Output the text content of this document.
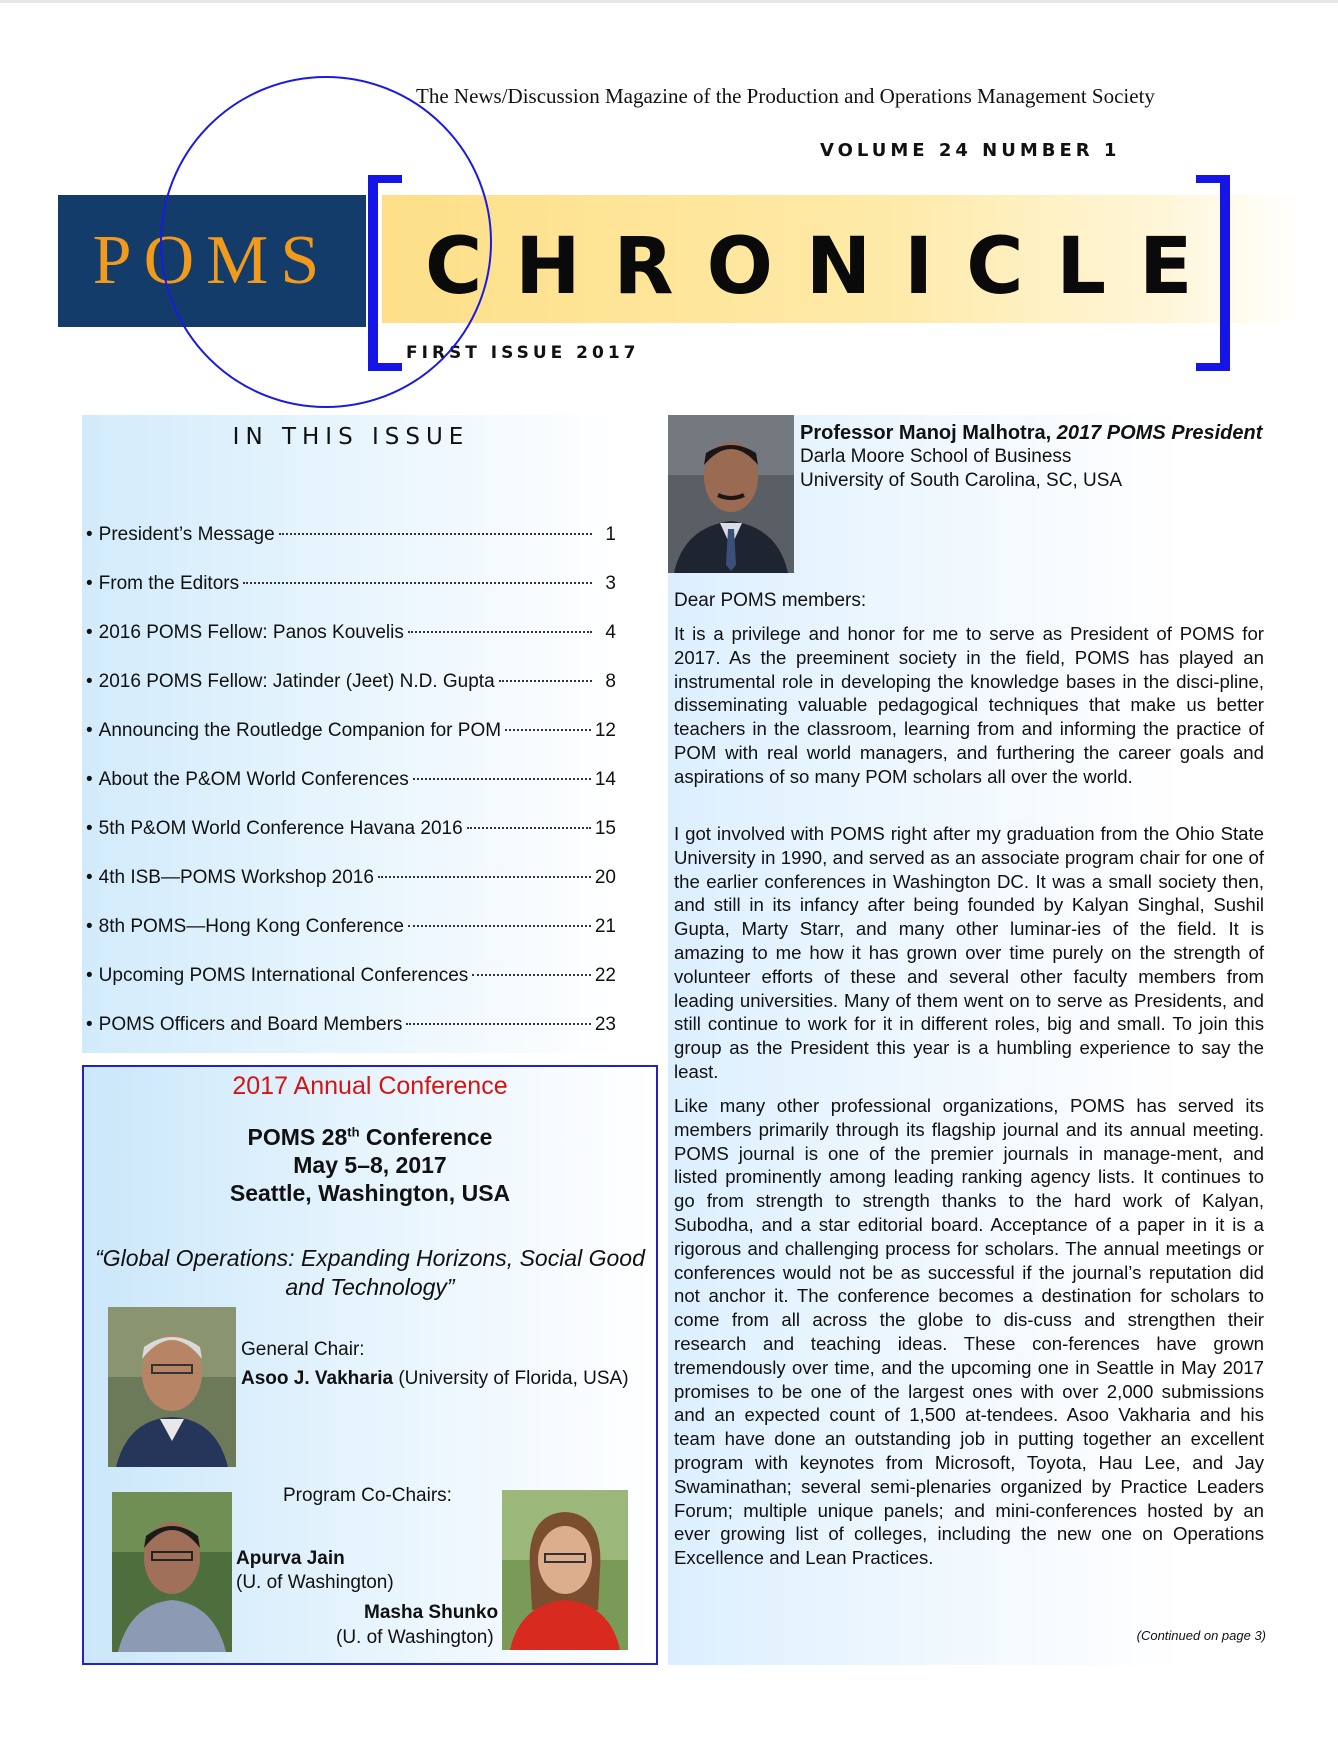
The News/Discussion Magazine of the Production and Operations Management Society
VOLUME 24 NUMBER 1
POMS	CHRONICLE
FIRST ISSUE 2017
IN THIS ISSUE
• President’s Message	1
• From the Editors	3
• 2016 POMS Fellow: Panos Kouvelis	4
• 2016 POMS Fellow: Jatinder (Jeet) N.D. Gupta	8
• Announcing the Routledge Companion for POM	12
• About the P&OM World Conferences	14
• 5th P&OM World Conference Havana 2016	15
• 4th ISB—POMS Workshop 2016	20
• 8th POMS—Hong Kong Conference	21
• Upcoming POMS International Conferences	22
• POMS Officers and Board Members	23
2017 Annual Conference
POMS 28th Conference
May 5–8, 2017
Seattle, Washington, USA
“Global Operations: Expanding Horizons, Social Good and Technology”
General Chair:
Asoo J. Vakharia (University of Florida, USA)
Program Co-Chairs:
Apurva Jain
(U. of Washington)
Masha Shunko
(U. of Washington)
Professor Manoj Malhotra, 2017 POMS President
Darla Moore School of Business
University of South Carolina, SC, USA
Dear POMS members:

It is a privilege and honor for me to serve as President of POMS for 2017. As the preeminent society in the field, POMS has played an instrumental role in developing the knowledge bases in the disci-pline, disseminating valuable pedagogical techniques that make us better teachers in the classroom, learning from and informing the practice of POM with real world managers, and furthering the career goals and aspirations of so many POM scholars all over the world.

I got involved with POMS right after my graduation from the Ohio State University in 1990, and served as an associate program chair for one of the earlier conferences in Washington DC. It was a small society then, and still in its infancy after being founded by Kalyan Singhal, Sushil Gupta, Marty Starr, and many other luminar-ies of the field. It is amazing to me how it has grown over time purely on the strength of volunteer efforts of these and several other faculty members from leading universities. Many of them went on to serve as Presidents, and still continue to work for it in different roles, big and small. To join this group as the President this year is a humbling experience to say the least.

Like many other professional organizations, POMS has served its members primarily through its flagship journal and its annual meeting. POMS journal is one of the premier journals in manage-ment, and listed prominently among leading ranking agency lists. It continues to go from strength to strength thanks to the hard work of Kalyan, Subodha, and a star editorial board. Acceptance of a paper in it is a rigorous and challenging process for scholars. The annual meetings or conferences would not be as successful if the journal’s reputation did not anchor it. The conference becomes a destination for scholars to come from all across the globe to dis-cuss and strengthen their research and teaching ideas. These con-ferences have grown tremendously over time, and the upcoming one in Seattle in May 2017 promises to be one of the largest ones with over 2,000 submissions and an expected count of 1,500 at-tendees. Asoo Vakharia and his team have done an outstanding job in putting together an excellent program with keynotes from Microsoft, Toyota, Hau Lee, and Jay Swaminathan; several semi-plenaries organized by Practice Leaders Forum; multiple unique panels; and mini-conferences hosted by an ever growing list of colleges, including the new one on Operations Excellence and Lean Practices.

(Continued on page 3)
